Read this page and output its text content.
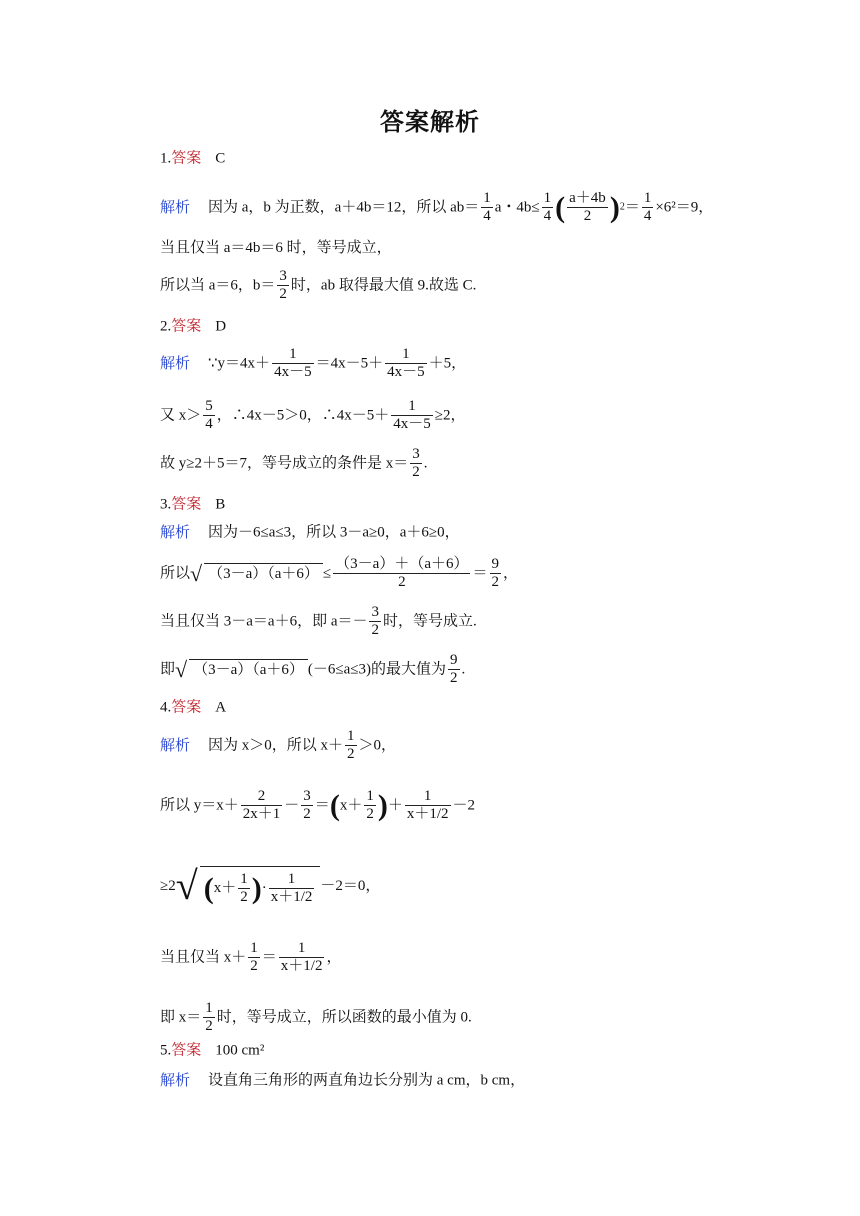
答案解析
1.答案 C
解析 因为 a，b 为正数，a＋4b＝12，所以 $ab= \frac{1}{4}$ a・$4b\le \frac{1}{4}$ ( $\frac{a+4b}{2} )2= \frac{1}{4} \times 6^2=9$，
当且仅当 a＝4b＝6 时，等号成立，
所以当 a＝6，$b= \frac{3}{2}$ 时，ab 取得最大值 9.故选 C.
2.答案 D
解析 ∵y＝4x＋ $\frac{1}{4x-5} =4x-5+ \frac{1}{4x-5} +5$，
又 $x> \frac{5}{4}$ ，∴4x－5＞0，∴4x－5＋ $\frac{1}{4x-5} \ge 2$，
故 y≥2＋5＝7，等号成立的条件是 $x= \frac{3}{2}$ .
3.答案 B
解析 因为－6≤a≤3，所以 3－a≥0，a＋6≥0，
所以√ $(3-a)(a+6) \le \frac{(3-a)+(a+6)}{2} = \frac{9}{2}$ ，
当且仅当 3－a＝a＋6，即 $a=- \frac{3}{2}$ 时，等号成立.
即√ （3－a）（a＋6） (－6≤a≤3)的最大值为 $\frac{9}{2}$ .
4.答案 A
解析 因为 x＞0，所以 $x+ \frac{1}{2} >0$，
所以 $y=x+ \frac{2}{2x+1} - \frac{3}{2} =(x+ \frac{1}{2}$ )＋ $\frac{1}{x+1/2} -2$
≥2√ ($x+ \frac{1}{2}$ )· $\frac{1}{x+1/2} -2=0$，
当且仅当 $x+ \frac{1}{2} = \frac{1}{x+1/2}$ ，
即 $x= \frac{1}{2}$ 时，等号成立，所以函数的最小值为 0.
5.答案 100 cm²
解析 设直角三角形的两直角边长分别为 a cm，b cm，
